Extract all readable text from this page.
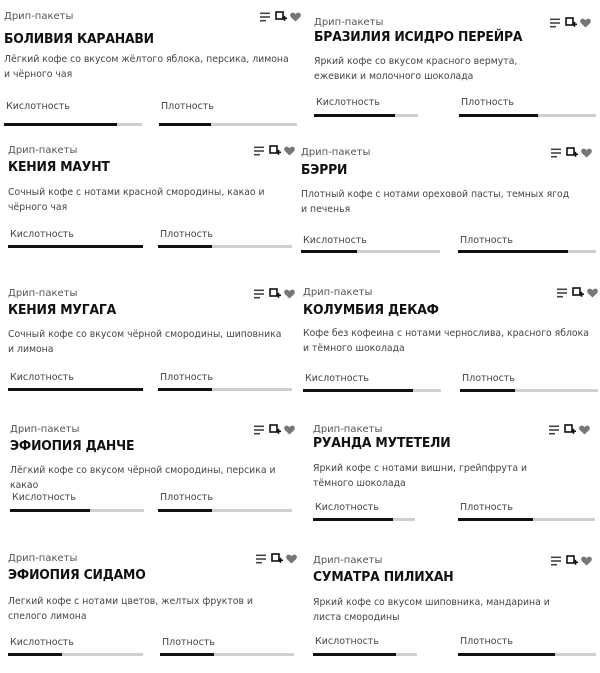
Дрип-пакеты
БОЛИВИЯ КАРАНАВИ
Лёгкий кофе со вкусом жёлтого яблока, персика, лимона и чёрного чая
Кислотность	Плотность
Дрип-пакеты
БРАЗИЛИЯ ИСИДРО ПЕРЕЙРА
Яркий кофе со вкусом красного вермута, ежевики и молочного шоколада
Кислотность	Плотность
Дрип-пакеты
КЕНИЯ МАУНТ
Сочный кофе с нотами красной смородины, какао и чёрного чая
Кислотность	Плотность
Дрип-пакеты
БЭРРИ
Плотный кофе с нотами ореховой пасты, темных ягод и печенья
Кислотность	Плотность
Дрип-пакеты
КЕНИЯ МУГАГА
Сочный кофе со вкусом чёрной смородины, шиповника и лимона
Кислотность	Плотность
Дрип-пакеты
КОЛУМБИЯ ДЕКАФ
Кофе без кофеина с нотами чернослива, красного яблока и тёмного шоколада
Кислотность	Плотность
Дрип-пакеты
ЭФИОПИЯ ДАНЧЕ
Лёгкий кофе со вкусом чёрной смородины, персика и какао
Кислотность	Плотность
Дрип-пакеты
РУАНДА МУТЕТЕЛИ
Яркий кофе с нотами вишни, грейпфрута и тёмного шоколада
Кислотность	Плотность
Дрип-пакеты
ЭФИОПИЯ СИДАМО
Легкий кофе с нотами цветов, желтых фруктов и спелого лимона
Кислотность	Плотность
Дрип-пакеты
СУМАТРА ПИЛИХАН
Яркий кофе со вкусом шиповника, мандарина и листа смородины
Кислотность	Плотность
